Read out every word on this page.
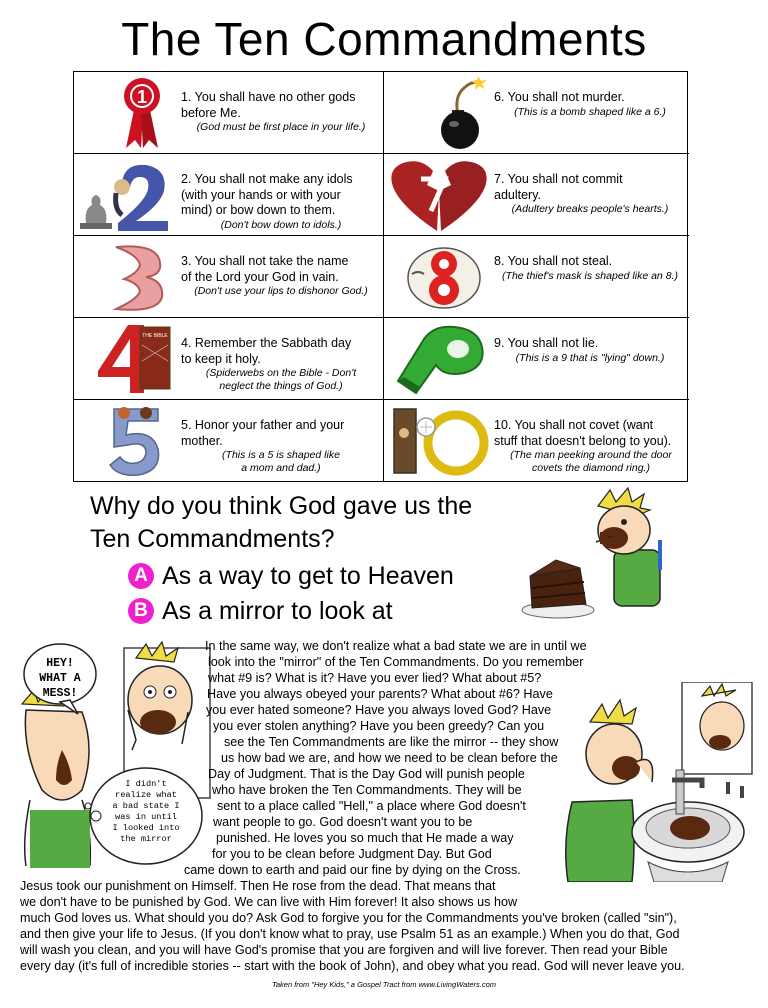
The Ten Commandments
1	1. You shall have no other gods
before Me.
(God must be first place in your life.)
6. You shall not murder.
(This is a bomb shaped like a 6.)
2. You shall not make any idols
(with your hands or with your
mind) or bow down to them.
(Don't bow down to idols.)
7. You shall not commit
adultery.
(Adultery breaks people's hearts.)
3. You shall not take the name
of the Lord your God in vain.
(Don't use your lips to dishonor God.)
8. You shall not steal.
(The thief's mask is shaped like an 8.)
THE BIBLE 4. Remember the Sabbath day
to keep it holy.
(Spiderwebs on the Bible - Don't
neglect the things of God.)
9. You shall not lie.
(This is a 9 that is "lying" down.)
5. Honor your father and your
mother.
(This is a 5 is shaped like
a mom and dad.)
10. You shall not covet (want
stuff that doesn't belong to you).
(The man peeking around the door
covets the diamond ring.)
Why do you think God gave us the
Ten Commandments?
A As a way to get to Heaven
B As a mirror to look at
HEY!
WHAT A
MESS!
I didn't
realize what
a bad state I
was in until
I looked into
the mirror
In the same way, we don't realize what a bad state we are in until we
look into the "mirror" of the Ten Commandments. Do you remember
what #9 is? What is it? Have you ever lied? What about #5?
Have you always obeyed your parents? What about #6? Have
you ever hated someone? Have you always loved God? Have
you ever stolen anything? Have you been greedy? Can you
see the Ten Commandments are like the mirror -- they show
us how bad we are, and how we need to be clean before the
Day of Judgment. That is the Day God will punish people
who have broken the Ten Commandments. They will be
sent to a place called "Hell," a place where God doesn't
want people to go. God doesn't want you to be
punished. He loves you so much that He made a way
for you to be clean before Judgment Day. But God
came down to earth and paid our fine by dying on the Cross.
Jesus took our punishment on Himself. Then He rose from the dead. That means that
we don't have to be punished by God. We can live with Him forever! It also shows us how
much God loves us. What should you do? Ask God to forgive you for the Commandments you've broken (called "sin"),
and then give your life to Jesus. (If you don't know what to pray, use Psalm 51 as an example.) When you do that, God
will wash you clean, and you will have God's promise that you are forgiven and will live forever. Then read your Bible
every day (it's full of incredible stories -- start with the book of John), and obey what you read. God will never leave you.
Taken from "Hey Kids," a Gospel Tract from www.LivingWaters.com
